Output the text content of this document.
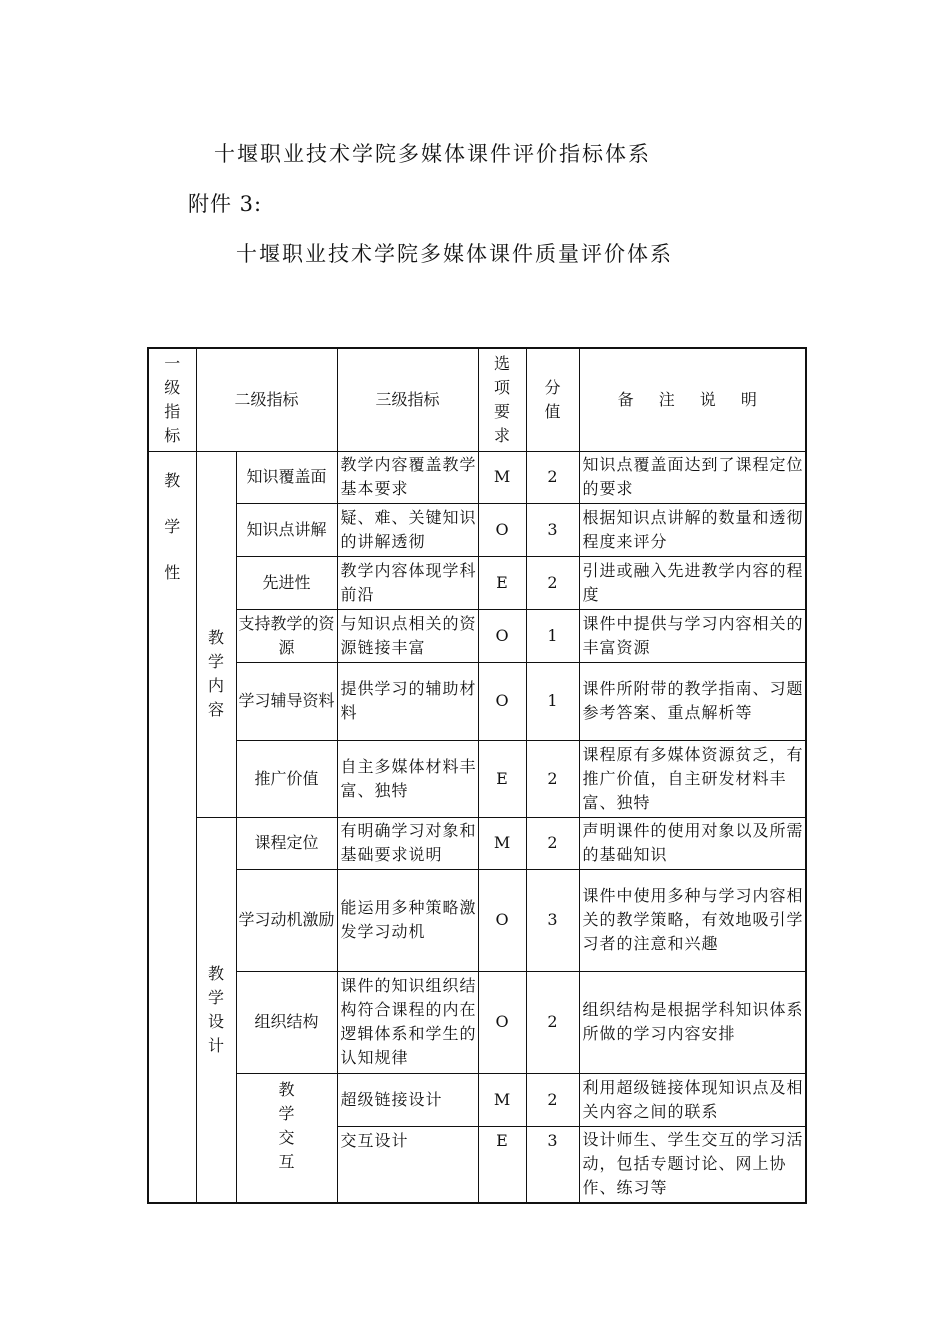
十堰职业技术学院多媒体课件评价指标体系
附件 3:
十堰职业技术学院多媒体课件质量评价体系
一级指标	二级指标		三级指标	选项要求	分值	备 注 说 明

教学性	教学内容	知识覆盖面	教学内容覆盖教学基本要求	M	2	知识点覆盖面达到了课程定位的要求
		知识点讲解	疑、难、关键知识的讲解透彻	O	3	根据知识点讲解的数量和透彻程度来评分
		先进性	教学内容体现学科前沿	E	2	引进或融入先进教学内容的程度
		支持教学的资源	与知识点相关的资源链接丰富	O	1	课件中提供与学习内容相关的丰富资源
		学习辅导资料	提供学习的辅助材料	O	1	课件所附带的教学指南、习题参考答案、重点解析等
		推广价值	自主多媒体材料丰富、独特	E	2	课程原有多媒体资源贫乏，有推广价值，自主研发材料丰富、独特

	教学设计	课程定位	有明确学习对象和基础要求说明	M	2	声明课件的使用对象以及所需的基础知识
		学习动机激励	能运用多种策略激发学习动机	O	3	课件中使用多种与学习内容相关的教学策略，有效地吸引学习者的注意和兴趣
		组织结构	课件的知识组织结构符合课程的内在逻辑体系和学生的认知规律	O	2	组织结构是根据学科知识体系所做的学习内容安排

		教学交互	超级链接设计	M	2	利用超级链接体现知识点及相关内容之间的联系
			交互设计	E	3	设计师生、学生交互的学习活动，包括专题讨论、网上协作、练习等
